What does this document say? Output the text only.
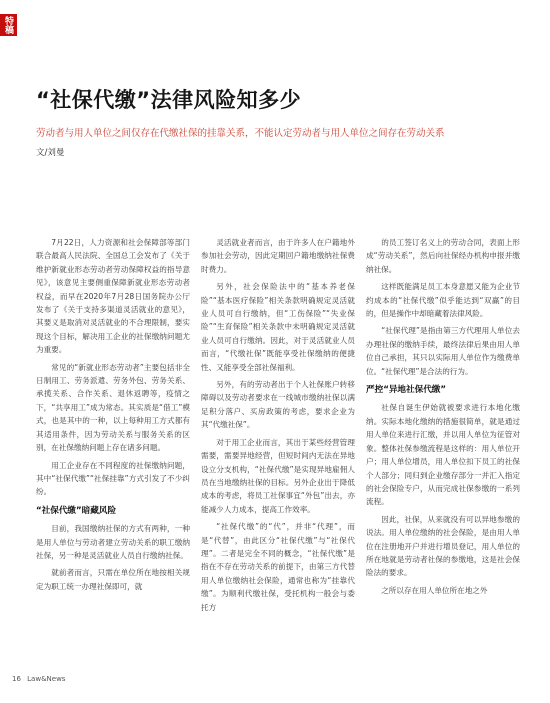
特稿
“社保代缴”法律风险知多少
劳动者与用人单位之间仅存在代缴社保的挂靠关系，不能认定劳动者与用人单位之间存在劳动关系
文/刘曼

7月22日，人力资源和社会保障部等部门联合最高人民法院、全国总工会发布了《关于维护新就业形态劳动者劳动保障权益的指导意见》，该意见主要侧重保障新就业形态劳动者权益，而早在2020年7月28日国务院办公厅发布了《关于支持多渠道灵活就业的意见》，其要义是取消对灵活就业的不合理限制，要实现这个目标，解决用工企业的社保缴纳问题尤为重要。

常见的“新就业形态劳动者”主要包括非全日制用工、劳务派遣、劳务外包、劳务关系、承揽关系、合作关系、退休返聘等，疫情之下，“共享用工”成为常态。其实质是“借工”模式，也是其中的一种，以上每种用工方式都有其适用条件，因为劳动关系与服务关系的区别，在社保缴纳问题上存在诸多问题。

用工企业存在不同程度的社保缴纳问题，其中“社保代缴”“社保挂靠”方式引发了不少纠纷。

“社保代缴”暗藏风险

目前，我国缴纳社保的方式有两种，一种是用人单位与劳动者建立劳动关系的职工缴纳社保，另一种是灵活就业人员自行缴纳社保。

就前者而言，只需在单位所在地按相关规定为职工统一办理社保即可，就

灵活就业者而言，由于许多人在户籍地外参加社会劳动，因此定期回户籍地缴纳社保费时费力。

另外，社会保险法中的“基本养老保险”“基本医疗保险”相关条款明确规定灵活就业人员可自行缴纳，但“工伤保险”“失业保险”“生育保险”相关条款中未明确规定灵活就业人员可自行缴纳。因此，对于灵活就业人员而言，“代缴社保”既能享受社保缴纳的便捷性、又能享受全部社保福利。

另外，有的劳动者出于个人社保账户转移障碍以及劳动者要求在一线城市缴纳社保以满足积分落户、买房政策的考虑，要求企业为其“代缴社保”。

对于用工企业而言，其出于某些经营管理需要，需要异地经营，但短时间内无法在异地设立分支机构，“社保代缴”是实现异地雇佣人员在当地缴纳社保的目标。另外企业出于降低成本的考虑，将员工社保事宜“外包”出去，亦能减少人力成本，提高工作效率。

“社保代缴”的“代”，并非“代理”，而是“代替”，由此区分“社保代缴”与“社保代理”。二者是完全不同的概念，“社保代缴”是指在不存在劳动关系的前提下，由第三方代替用人单位缴纳社会保险，通常也称为“挂靠代缴”。为顺利代缴社保，受托机构一般会与委托方

的员工签订名义上的劳动合同，表面上形成“劳动关系”，然后向社保经办机构申报并缴纳社保。

这样既能满足员工本身意愿又能为企业节约成本的“社保代缴”似乎能达到“双赢”的目的，但是操作中却暗藏着法律风险。

“社保代理”是指由第三方代理用人单位去办理社保的缴纳手续，最终法律后果由用人单位自己承担，其只以实际用人单位作为缴费单位。“社保代理”是合法的行为。

严控“异地社保代缴”

社保自诞生伊始就被要求进行本地化缴纳。实际本地化缴纳的措施很简单，就是通过用人单位来进行汇缴，并以用人单位为征管对象。整体社保参缴流程是这样的：用人单位开户；用人单位增员，用人单位扣下员工的社保个人部分；同归到企业缴存部分一并汇入指定的社会保险专户，从而完成社保参缴的一系列流程。

因此，社保，从来就没有可以异地参缴的说法。用人单位缴纳的社会保险，是由用人单位在注册地开户并进行增员登记，用人单位的所在地就是劳动者社保的参缴地，这是社会保险法的要求。

之所以存在用人单位所在地之外

16 Law&News
